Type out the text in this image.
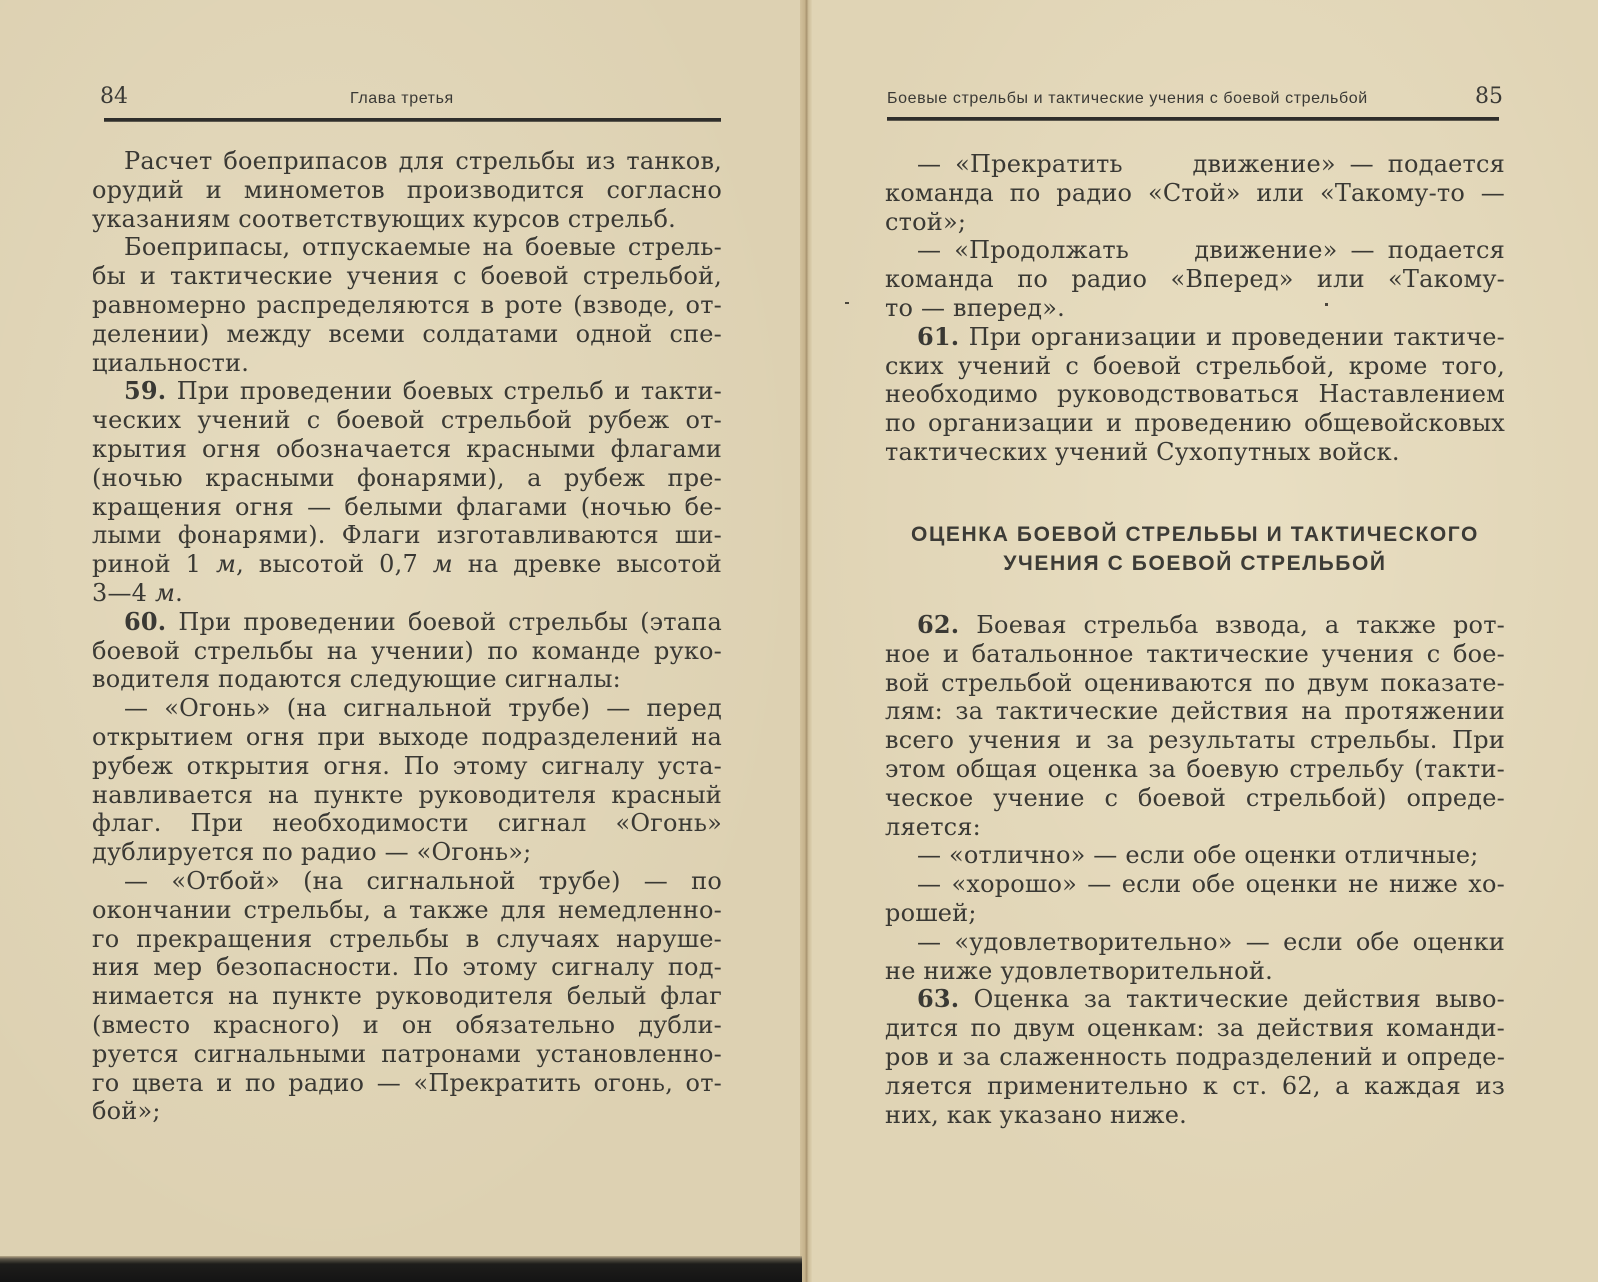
84	Глава третья	Боевые стрельбы и тактические учения с боевой стрельбой	85
Расчет боеприпасов для стрельбы из танков,
орудий и минометов производится согласно
указаниям соответствующих курсов стрельб.
Боеприпасы, отпускаемые на боевые стрель-
бы и тактические учения с боевой стрельбой,
равномерно распределяются в роте (взводе, от-
делении) между всеми солдатами одной спе-
циальности.
59. При проведении боевых стрельб и такти-
ческих учений с боевой стрельбой рубеж от-
крытия огня обозначается красными флагами
(ночью красными фонарями), а рубеж пре-
кращения огня — белыми флагами (ночью бе-
лыми фонарями). Флаги изготавливаются ши-
риной 1 м, высотой 0,7 м на древке высотой
3—4 м.
60. При проведении боевой стрельбы (этапа
боевой стрельбы на учении) по команде руко-
водителя подаются следующие сигналы:
— «Огонь» (на сигнальной трубе) — перед
открытием огня при выходе подразделений на
рубеж открытия огня. По этому сигналу уста-
навливается на пункте руководителя красный
флаг. При необходимости сигнал «Огонь»
дублируется по радио — «Огонь»;
— «Отбой» (на сигнальной трубе) — по
окончании стрельбы, а также для немедленно-
го прекращения стрельбы в случаях наруше-
ния мер безопасности. По этому сигналу под-
нимается на пункте руководителя белый флаг
(вместо красного) и он обязательно дубли-
руется сигнальными патронами установленно-
го цвета и по радио — «Прекратить огонь, от-
бой»;
— «Прекратить     движение» — подается
команда по радио «Стой» или «Такому-то —
стой»;
— «Продолжать     движение» — подается
команда по радио «Вперед» или «Такому-
то — вперед».
61. При организации и проведении тактиче-
ских учений с боевой стрельбой, кроме того,
необходимо руководствоваться Наставлением
по организации и проведению общевойсковых
тактических учений Сухопутных войск.
ОЦЕНКА БОЕВОЙ СТРЕЛЬБЫ И ТАКТИЧЕСКОГО
УЧЕНИЯ С БОЕВОЙ СТРЕЛЬБОЙ
62. Боевая стрельба взвода, а также рот-
ное и батальонное тактические учения с бое-
вой стрельбой оцениваются по двум показате-
лям: за тактические действия на протяжении
всего учения и за результаты стрельбы. При
этом общая оценка за боевую стрельбу (такти-
ческое учение с боевой стрельбой) опреде-
ляется:
— «отлично» — если обе оценки отличные;
— «хорошо» — если обе оценки не ниже хо-
рошей;
— «удовлетворительно» — если обе оценки
не ниже удовлетворительной.
63. Оценка за тактические действия выво-
дится по двум оценкам: за действия команди-
ров и за слаженность подразделений и опреде-
ляется применительно к ст. 62, а каждая из
них, как указано ниже.
